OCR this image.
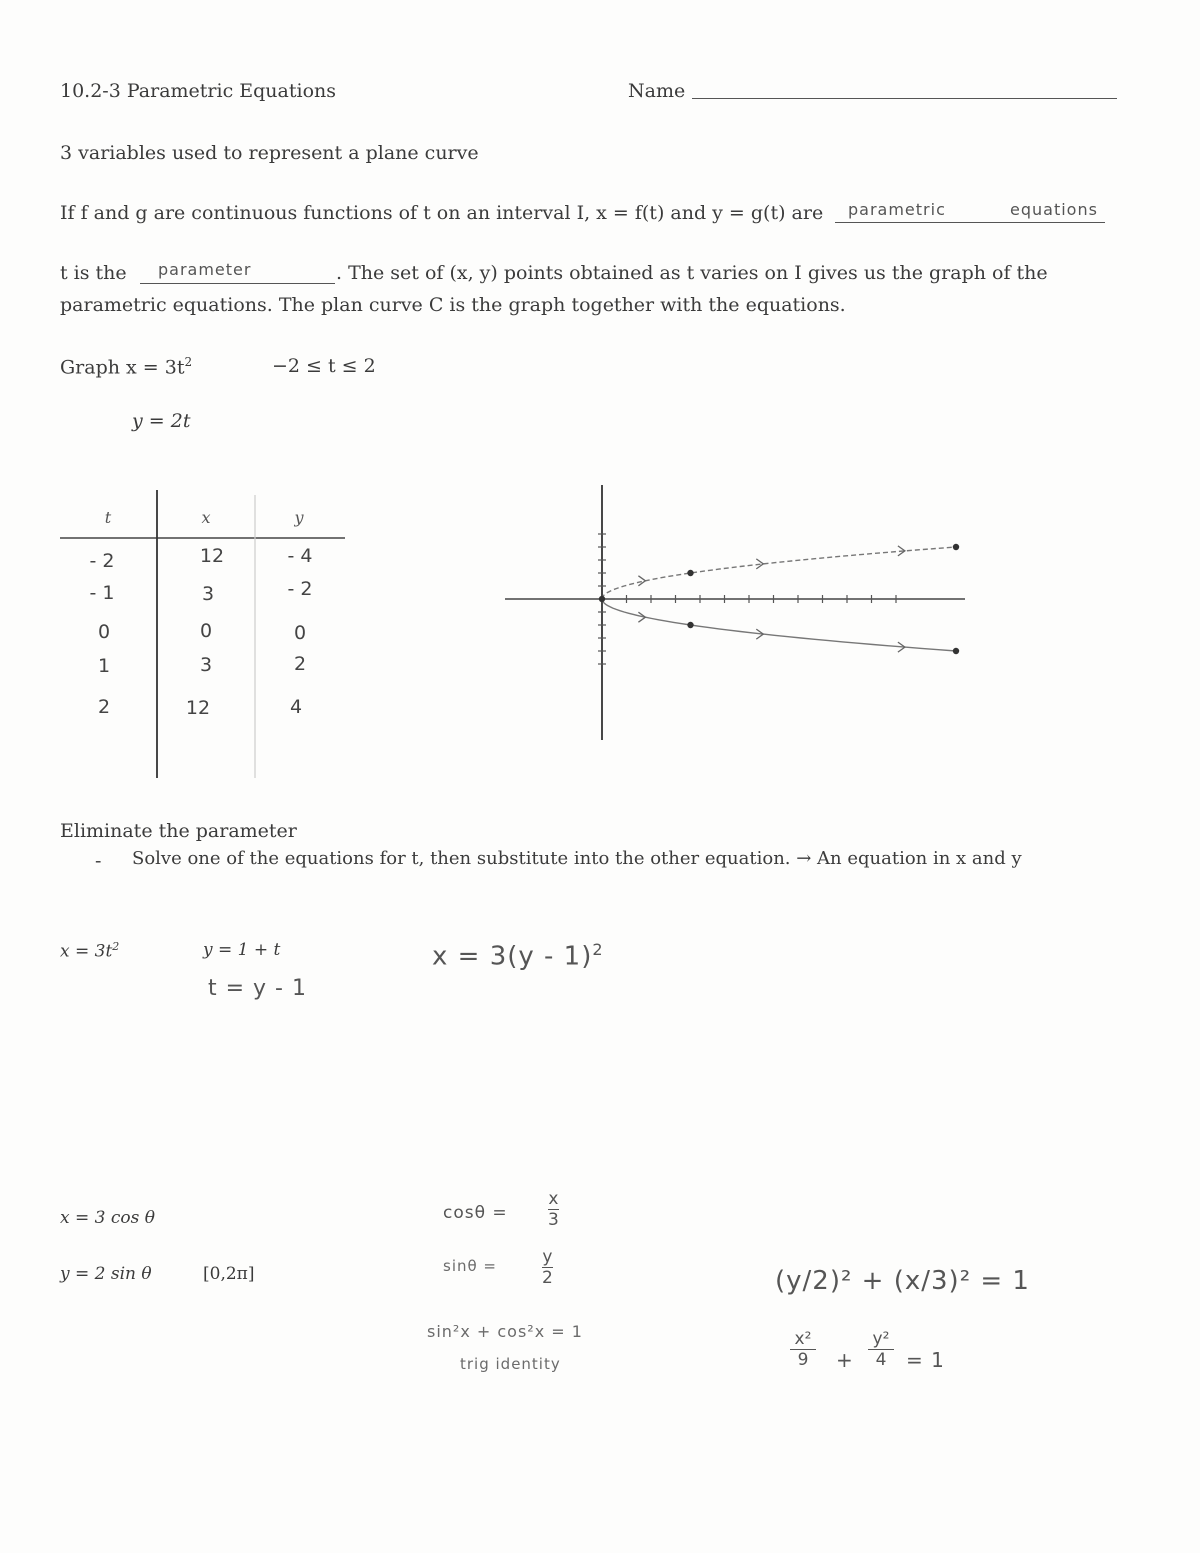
10.2-3 Parametric Equations	Name
3 variables used to represent a plane curve
If f and g are continuous functions of t on an interval I, x = f(t) and y = g(t) are parametric	equations
t is the parameter	. The set of (x, y) points obtained as t varies on I gives us the graph of the
parametric equations. The plan curve C is the graph together with the equations.
Graph $x = 3t^2$	−2 ≤ t ≤ 2
y = 2t
t	x	y
- 2	12	- 4
- 1	3	- 2
0	0	0
1	3	2
2	12	4
Eliminate the parameter
- Solve one of the equations for t, then substitute into the other equation. → An equation in x and y
$x = 3t^2$	y = 1 + t
t = y - 1
x = 3(y - 1)$^2$
x = 3 cos θ
y = 2 sin θ	[0,2π]
cosθ =
x
3
sinθ =	y
2
sin²x + cos²x = 1
trig identity
(y/2)² + (x/3)² = 1
x²
9 +
y²
4 = 1
